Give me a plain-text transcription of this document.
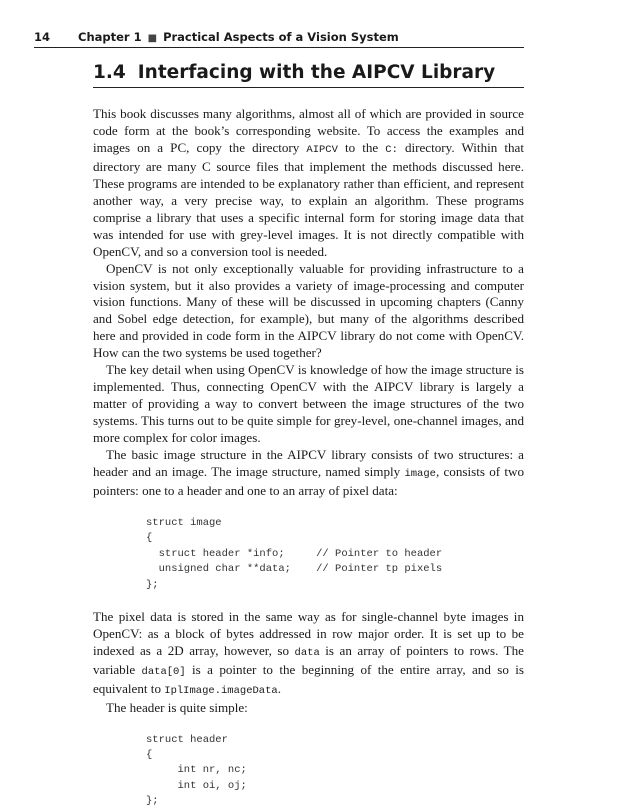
14 Chapter 1 ■ Practical Aspects of a Vision System
1.4 Interfacing with the AIPCV Library

This book discusses many algorithms, almost all of which are provided in source code form at the book’s corresponding website. To access the examples and images on a PC, copy the directory AIPCV to the C: directory. Within that directory are many C source files that implement the methods discussed here. These programs are intended to be explanatory rather than efficient, and represent another way, a very precise way, to explain an algorithm. These programs comprise a library that uses a specific internal form for storing image data that was intended for use with grey-level images. It is not directly compatible with OpenCV, and so a conversion tool is needed.

OpenCV is not only exceptionally valuable for providing infrastructure to a vision system, but it also provides a variety of image-processing and computer vision functions. Many of these will be discussed in upcoming chapters (Canny and Sobel edge detection, for example), but many of the algorithms described here and provided in code form in the AIPCV library do not come with OpenCV. How can the two systems be used together?

The key detail when using OpenCV is knowledge of how the image structure is implemented. Thus, connecting OpenCV with the AIPCV library is largely a matter of providing a way to convert between the image structures of the two systems. This turns out to be quite simple for grey-level, one-channel images, and more complex for color images.

The basic image structure in the AIPCV library consists of two structures: a header and an image. The image structure, named simply image, consists of two pointers: one to a header and one to an array of pixel data:

struct image
{
struct header *info;     // Pointer to header
unsigned char **data;    // Pointer tp pixels
};

The pixel data is stored in the same way as for single-channel byte images in OpenCV: as a block of bytes addressed in row major order. It is set up to be indexed as a 2D array, however, so data is an array of pointers to rows. The variable data[0] is a pointer to the beginning of the entire array, and so is equivalent to IplImage.imageData.

The header is quite simple:

struct header
{
int nr, nc;
int oi, oj;
};
